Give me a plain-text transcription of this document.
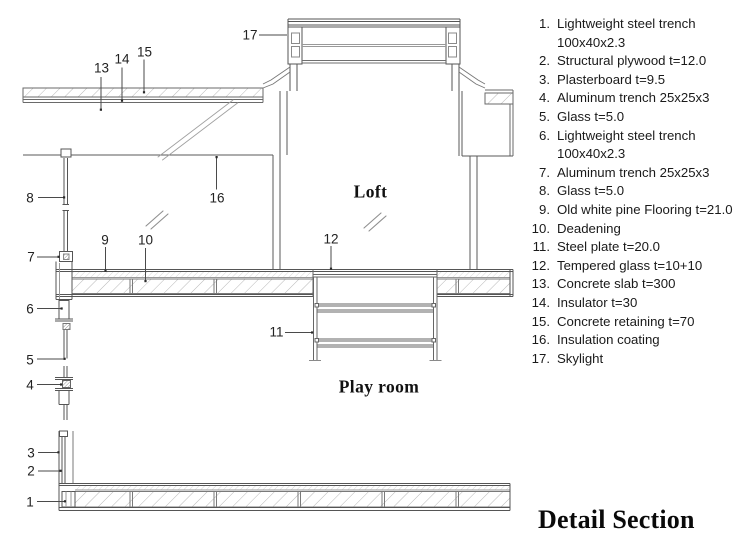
1
2
3
4
5
6
7
8
9 10
11
12
13
14 15
16
17
Loft
Play room
1. Lightweight steel trench
100x40x2.3
2. Structural plywood t=12.0
3. Plasterboard t=9.5
4. Aluminum trench 25x25x3
5. Glass t=5.0
6. Lightweight steel trench
100x40x2.3
7. Aluminum trench 25x25x3
8. Glass t=5.0
9. Old white pine Flooring t=21.0
10. Deadening
11. Steel plate t=20.0
12. Tempered glass t=10+10
13. Concrete slab t=300
14. Insulator t=30
15. Concrete retaining t=70
16. Insulation coating
17. Skylight
Detail Section
